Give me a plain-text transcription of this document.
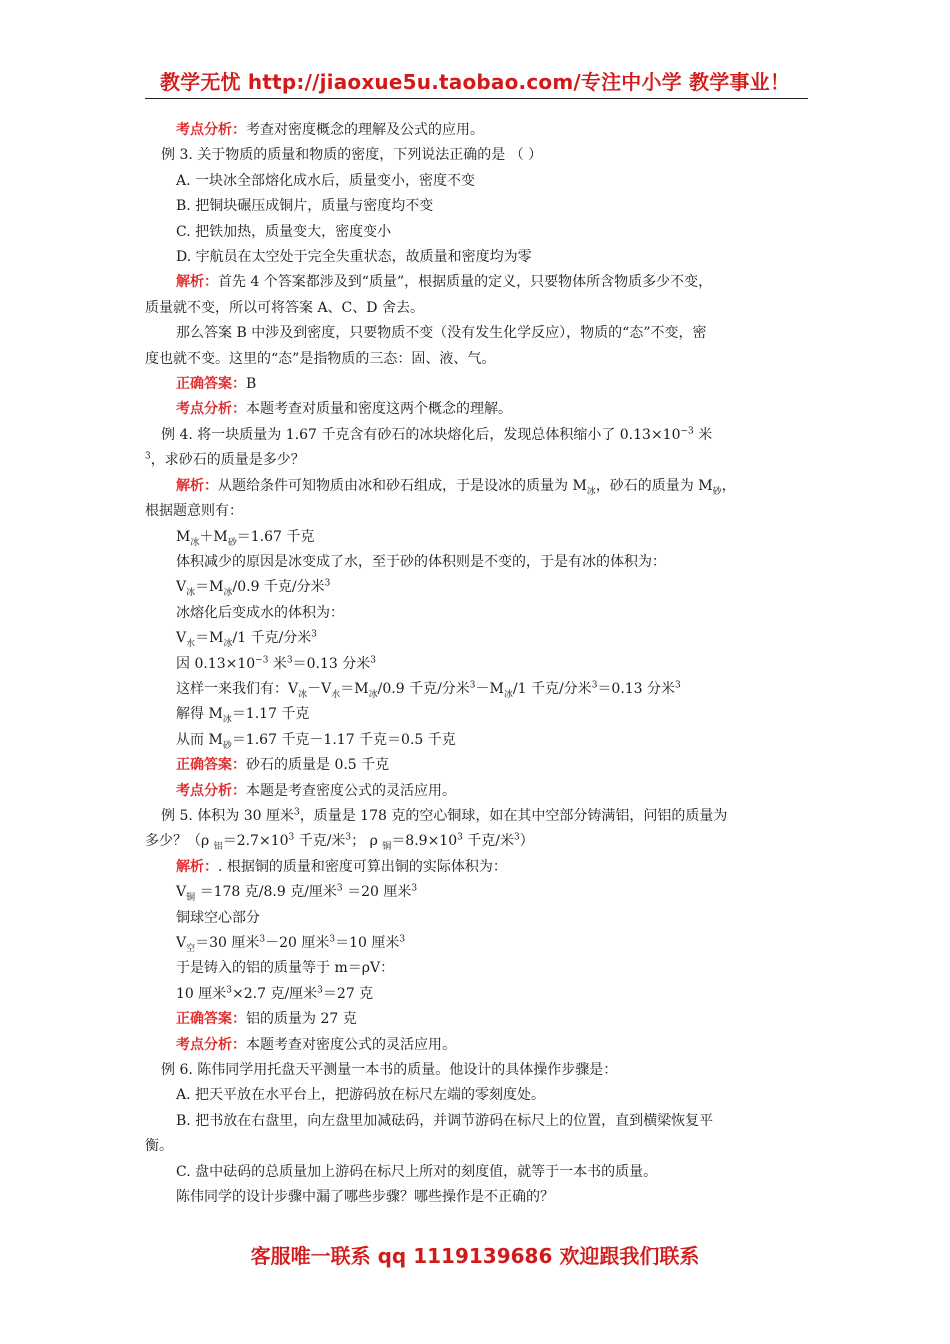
教学无忧 http://jiaoxue5u.taobao.com/专注中小学 教学事业！
考点分析：考查对密度概念的理解及公式的应用。
例 3. 关于物质的质量和物质的密度，下列说法正确的是 （ ）
A. 一块冰全部熔化成水后，质量变小，密度不变
B. 把铜块碾压成铜片，质量与密度均不变
C. 把铁加热，质量变大，密度变小
D. 宇航员在太空处于完全失重状态，故质量和密度均为零
解析：首先 4 个答案都涉及到“质量”，根据质量的定义，只要物体所含物质多少不变，
质量就不变，所以可将答案 A、C、D 舍去。
那么答案 B 中涉及到密度，只要物质不变（没有发生化学反应），物质的“态”不变，密
度也就不变。这里的“态”是指物质的三态：固、液、气。
正确答案：B
考点分析：本题考查对质量和密度这两个概念的理解。
例 4. 将一块质量为 1.67 千克含有砂石的冰块熔化后，发现总体积缩小了 $0.13\times 10^{-3}$ 米
$^3$，求砂石的质量是多少？
解析：从题给条件可知物质由冰和砂石组成，于是设冰的质量为 $M_冰$，砂石的质量为 $M_砂$，
根据题意则有：
$M_冰+M_砂=1.67$ 千克
体积减少的原因是冰变成了水，至于砂的体积则是不变的，于是有冰的体积为：
$V_冰=M_冰/0.9$ 千克/分米$^3$
冰熔化后变成水的体积为：
$V_水=M_冰/1$ 千克/分米$^3$
因 $0.13\times 10^{-3}$ 米$^3$＝0.13 分米$^3$
这样一来我们有：$V_冰-V_水=M_冰/0.9$ 千克/分米$^3-M_冰/1$ 千克/分米$^3$＝0.13 分米$^3$
解得 $M_冰=1.17$ 千克
从而 $M_砂=1.67$ 千克－1.17 千克＝0.5 千克
正确答案：砂石的质量是 0.5 千克
考点分析：本题是考查密度公式的灵活应用。
例 5. 体积为 30 厘米$^3$，质量是 178 克的空心铜球，如在其中空部分铸满铝，问铝的质量为
多少？（ρ $_铝=2.7\times 10^3$ 千克/米$^3$； ρ $_铜=8.9\times 10^3$ 千克/米$^3$）
解析：. 根据铜的质量和密度可算出铜的实际体积为：
$V_铜 =178$ 克/8.9 克/厘米$^3$ ＝20 厘米$^3$
铜球空心部分
$V_空=30$ 厘米$^3$－20 厘米$^3$＝10 厘米$^3$
于是铸入的铝的质量等于 m＝ρV：
10 厘米$^3$×2.7 克/厘米$^3$＝27 克
正确答案：铝的质量为 27 克
考点分析：本题考查对密度公式的灵活应用。
例 6. 陈伟同学用托盘天平测量一本书的质量。他设计的具体操作步骤是：
A. 把天平放在水平台上，把游码放在标尺左端的零刻度处。
B. 把书放在右盘里，向左盘里加减砝码，并调节游码在标尺上的位置，直到横梁恢复平
衡。
C. 盘中砝码的总质量加上游码在标尺上所对的刻度值，就等于一本书的质量。
陈伟同学的设计步骤中漏了哪些步骤？哪些操作是不正确的？
客服唯一联系 qq 1119139686 欢迎跟我们联系
